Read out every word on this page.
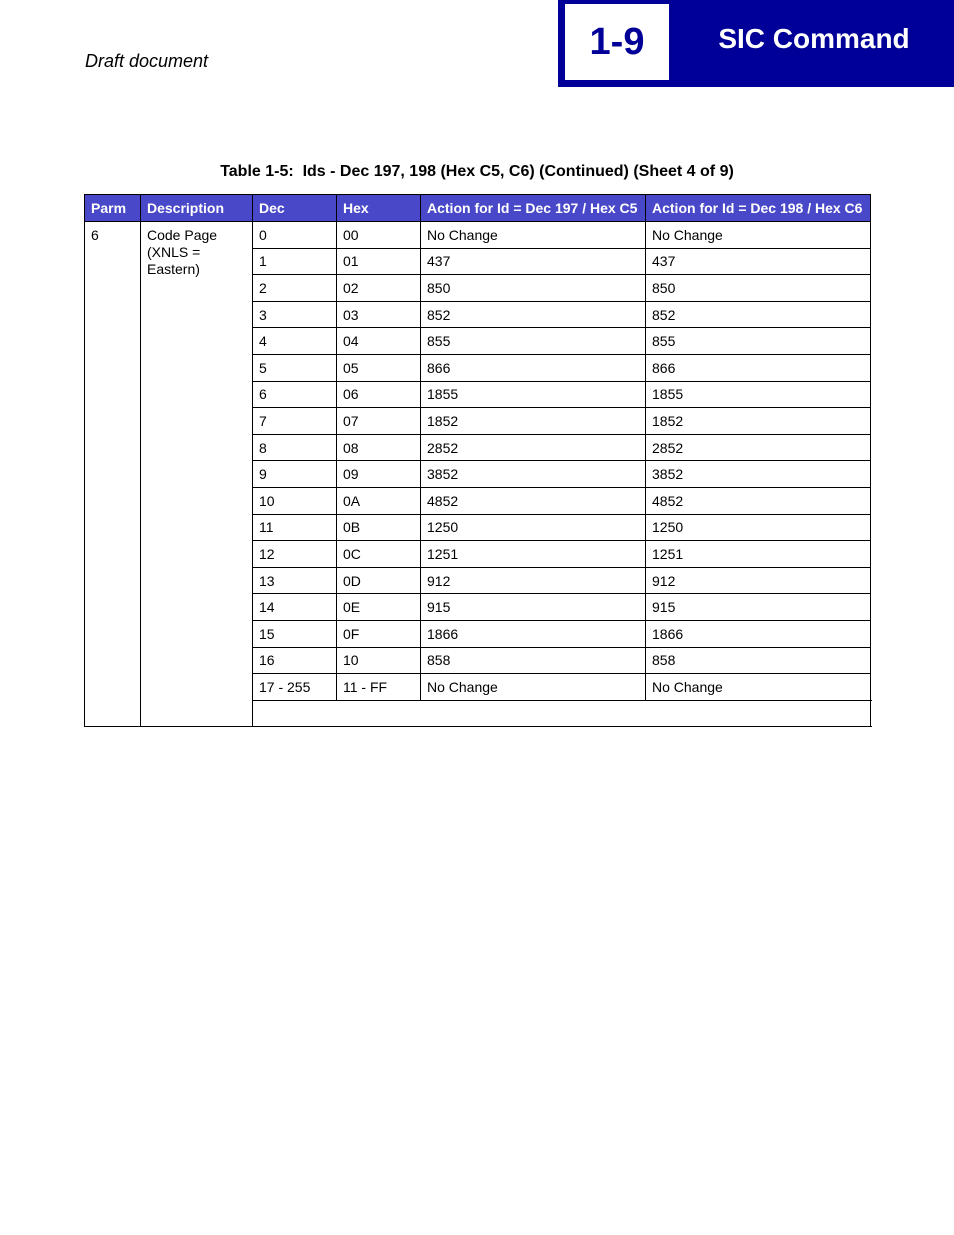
Draft document	1-9	SIC Command
Table 1-5:  Ids - Dec 197, 198 (Hex C5, C6) (Continued) (Sheet 4 of 9)
Parm	Description	Dec	Hex	Action for Id = Dec 197 / Hex C5	Action for Id = Dec 198 / Hex C6
6	Code Page (XNLS = Eastern)	0	00	No Change	No Change
		1	01	437	437
		2	02	850	850
		3	03	852	852
		4	04	855	855
		5	05	866	866
		6	06	1855	1855
		7	07	1852	1852
		8	08	2852	2852
		9	09	3852	3852
		10	0A	4852	4852
		11	0B	1250	1250
		12	0C	1251	1251
		13	0D	912	912
		14	0E	915	915
		15	0F	1866	1866
		16	10	858	858
		17 - 255	11 - FF	No Change	No Change
